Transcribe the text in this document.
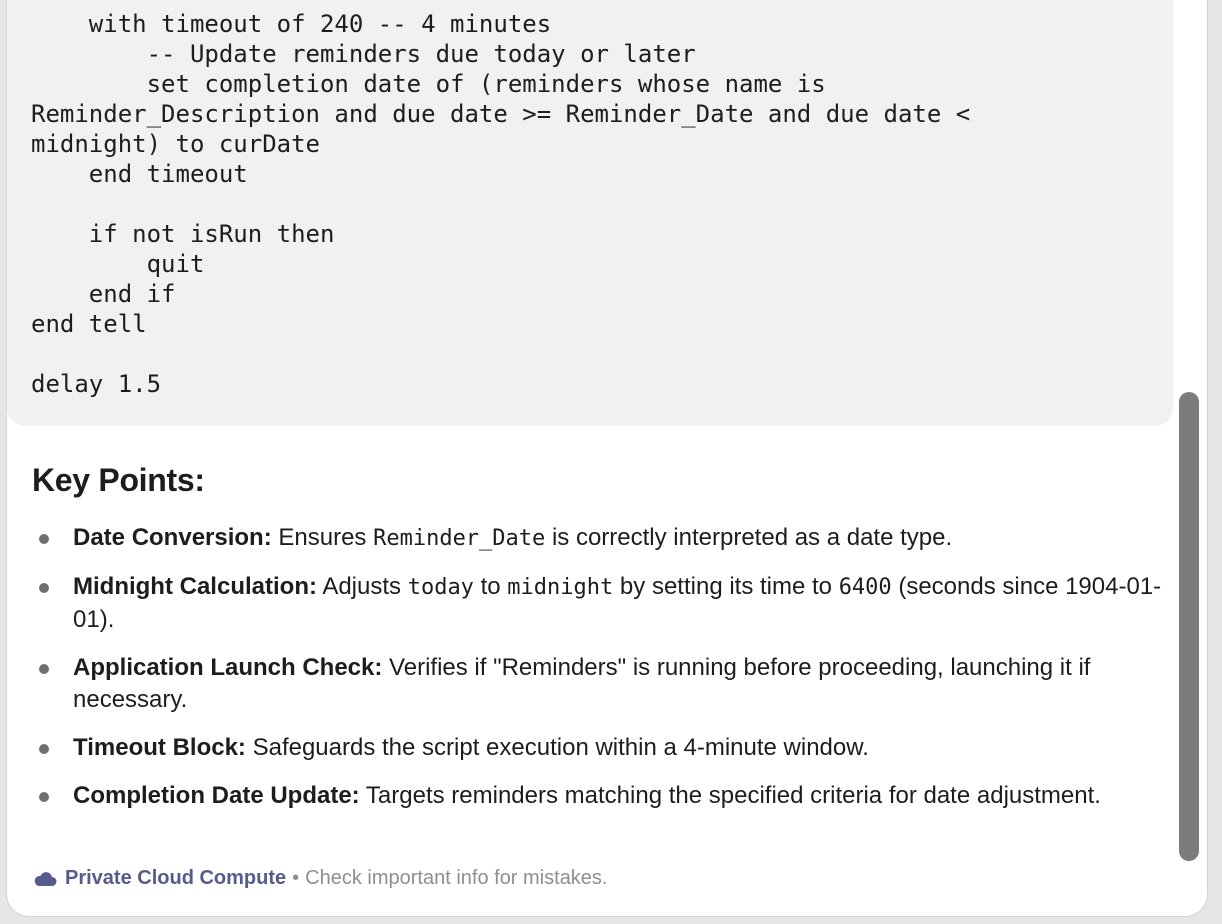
with timeout of 240 -- 4 minutes
-- Update reminders due today or later
set completion date of (reminders whose name is
Reminder_Description and due date >= Reminder_Date and due date <
midnight) to curDate
end timeout

if not isRun then
quit
end if
end tell

delay 1.5
Key Points:
Date Conversion: Ensures Reminder_Date is correctly interpreted as a date type.
Midnight Calculation: Adjusts today to midnight by setting its time to 6400 (seconds since 1904-01-01).
Application Launch Check: Verifies if "Reminders" is running before proceeding, launching it if necessary.
Timeout Block: Safeguards the script execution within a 4-minute window.
Completion Date Update: Targets reminders matching the specified criteria for date adjustment.
Private Cloud Compute • Check important info for mistakes.
